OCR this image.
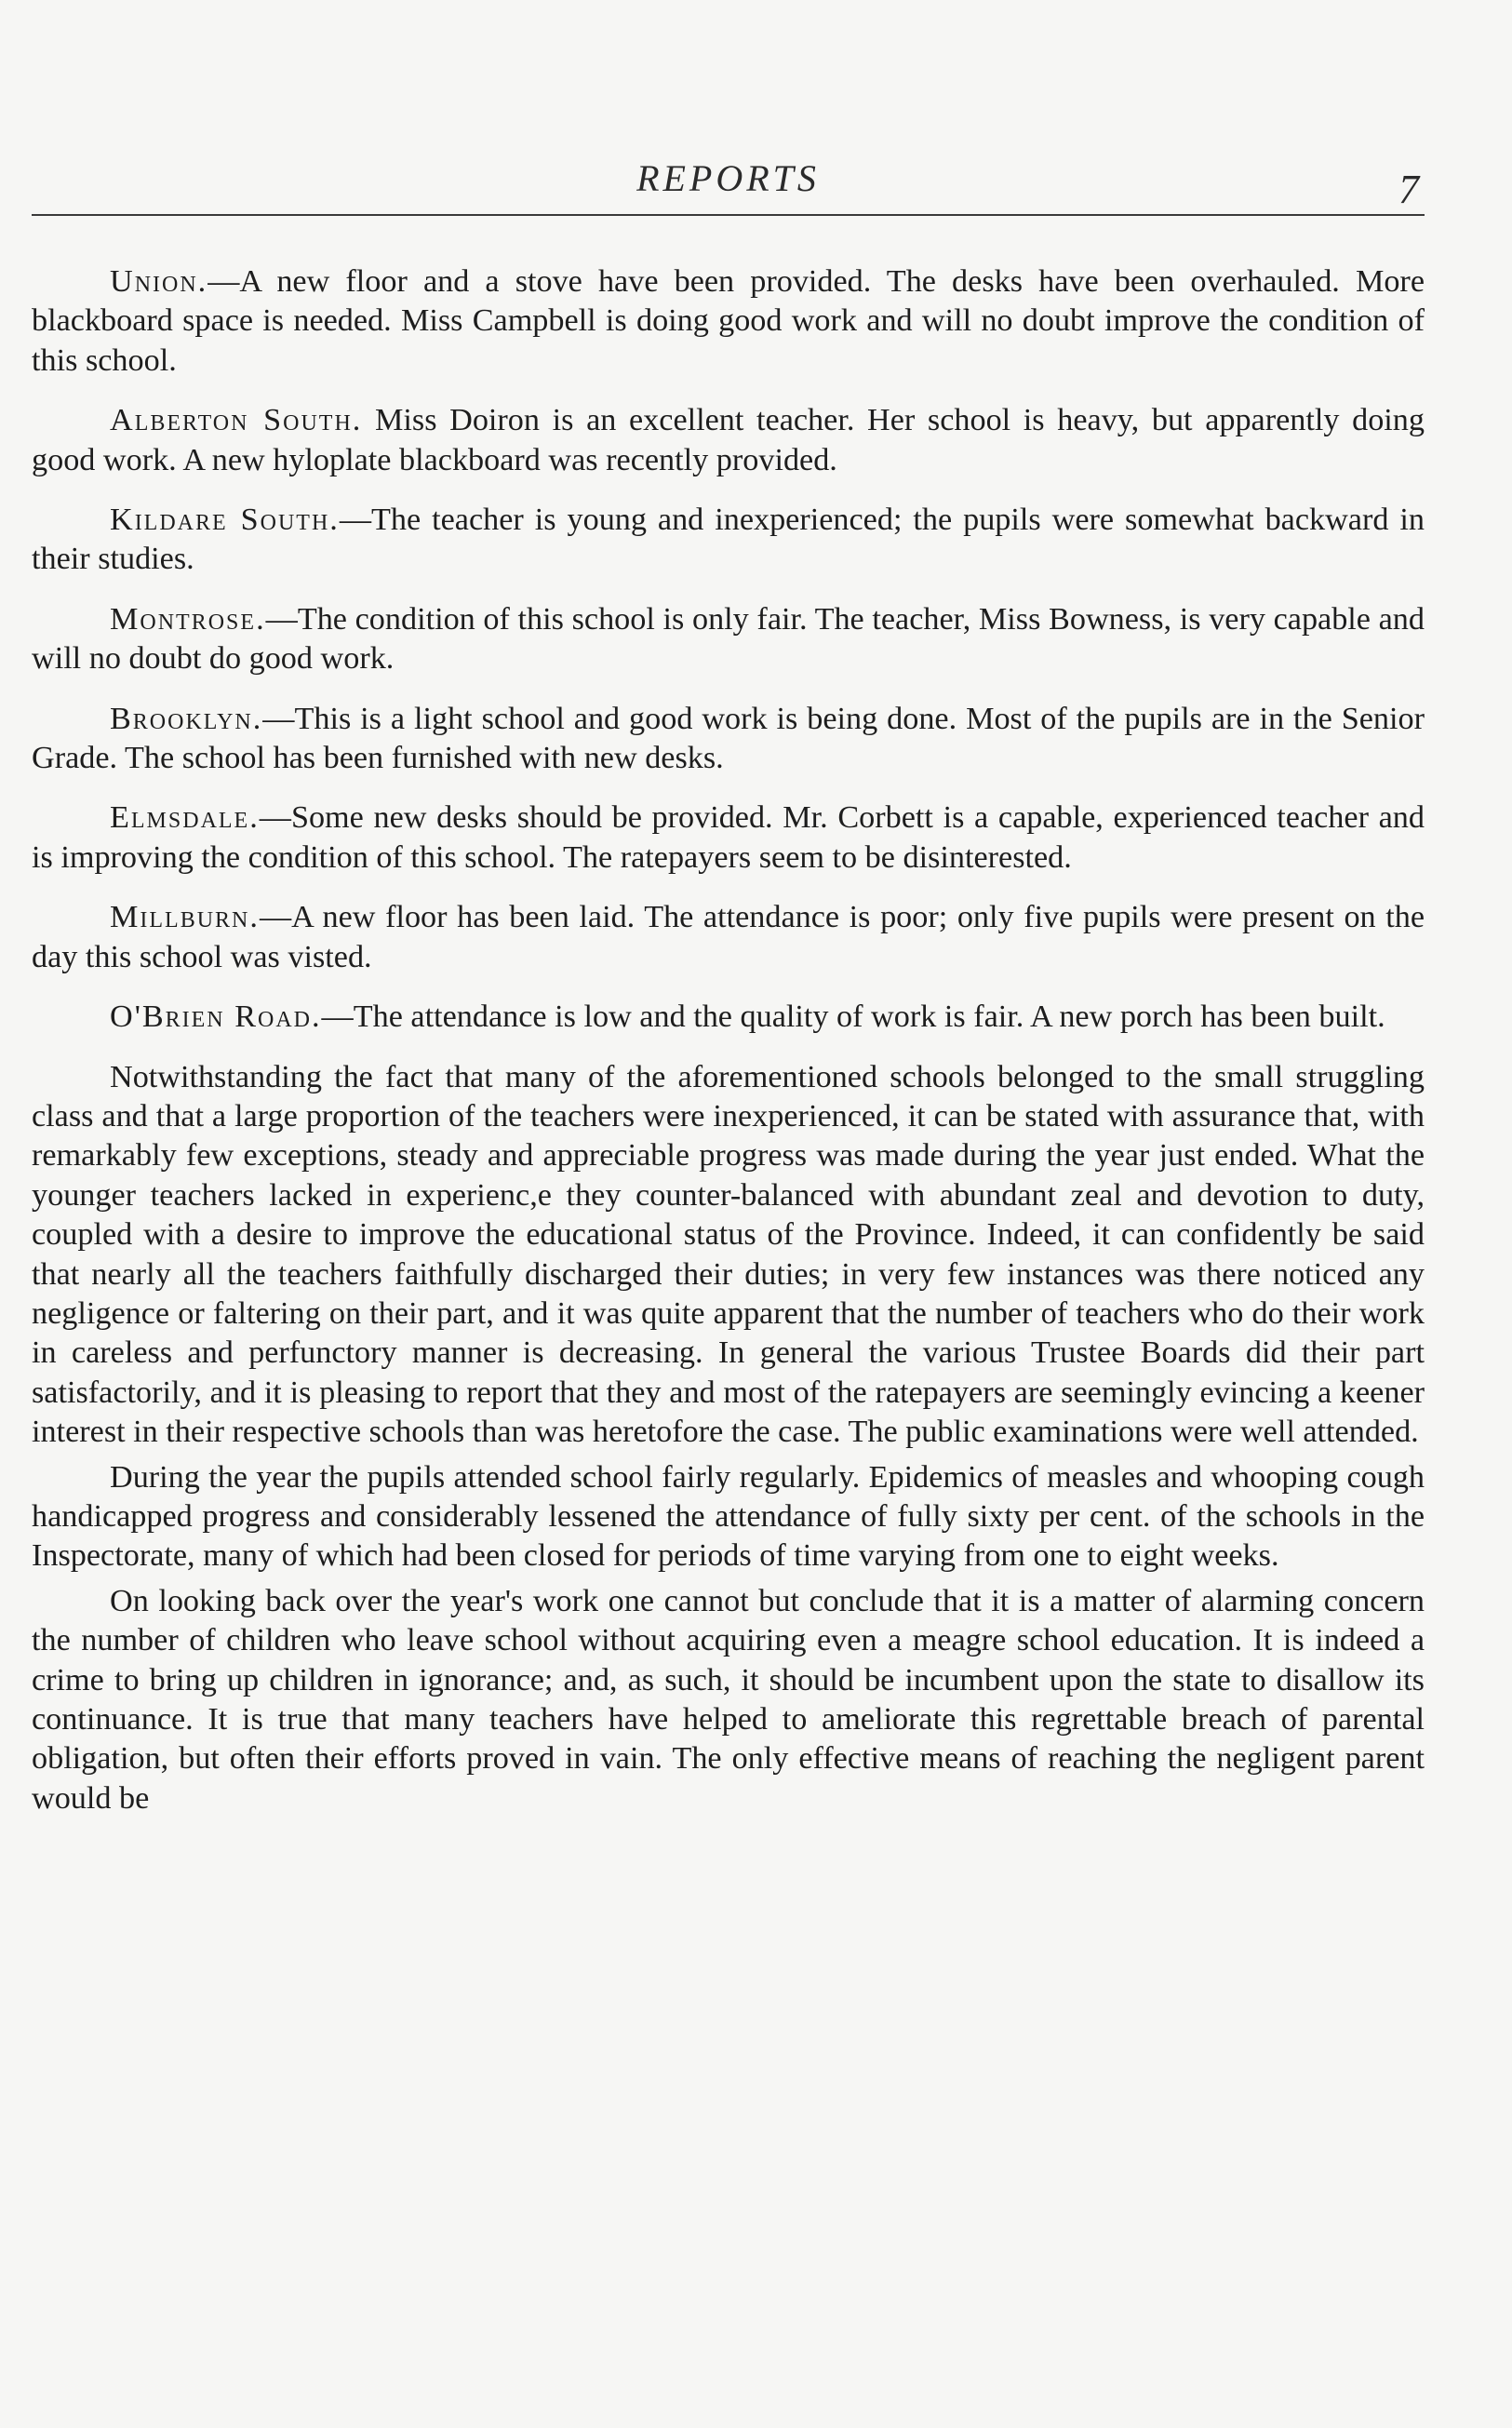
REPORTS	7

Union.—A new floor and a stove have been provided. The desks have been overhauled. More blackboard space is needed. Miss Campbell is doing good work and will no doubt improve the condition of this school.

Alberton South. Miss Doiron is an excellent teacher. Her school is heavy, but apparently doing good work. A new hyloplate blackboard was recently provided.

Kildare South.—The teacher is young and inexperienced; the pupils were somewhat backward in their studies.

Montrose.—The condition of this school is only fair. The teacher, Miss Bowness, is very capable and will no doubt do good work.

Brooklyn.—This is a light school and good work is being done. Most of the pupils are in the Senior Grade. The school has been furnished with new desks.

Elmsdale.—Some new desks should be provided. Mr. Corbett is a capable, experienced teacher and is improving the condition of this school. The ratepayers seem to be disinterested.

Millburn.—A new floor has been laid. The attendance is poor; only five pupils were present on the day this school was visted.

O'Brien Road.—The attendance is low and the quality of work is fair. A new porch has been built.

Notwithstanding the fact that many of the aforementioned schools belonged to the small struggling class and that a large proportion of the teachers were inexperienced, it can be stated with assurance that, with remarkably few exceptions, steady and appreciable progress was made during the year just ended. What the younger teachers lacked in experienc,e they counter-balanced with abundant zeal and devotion to duty, coupled with a desire to improve the educational status of the Province. Indeed, it can confidently be said that nearly all the teachers faithfully discharged their duties; in very few instances was there noticed any negligence or faltering on their part, and it was quite apparent that the number of teachers who do their work in careless and perfunctory manner is decreasing. In general the various Trustee Boards did their part satisfactorily, and it is pleasing to report that they and most of the ratepayers are seemingly evincing a keener interest in their respective schools than was heretofore the case. The public examinations were well attended.

During the year the pupils attended school fairly regularly. Epidemics of measles and whooping cough handicapped progress and considerably lessened the attendance of fully sixty per cent. of the schools in the Inspectorate, many of which had been closed for periods of time varying from one to eight weeks.

On looking back over the year's work one cannot but conclude that it is a matter of alarming concern the number of children who leave school without acquiring even a meagre school education. It is indeed a crime to bring up children in ignorance; and, as such, it should be incumbent upon the state to disallow its continuance. It is true that many teachers have helped to ameliorate this regrettable breach of parental obligation, but often their efforts proved in vain. The only effective means of reaching the negligent parent would be
